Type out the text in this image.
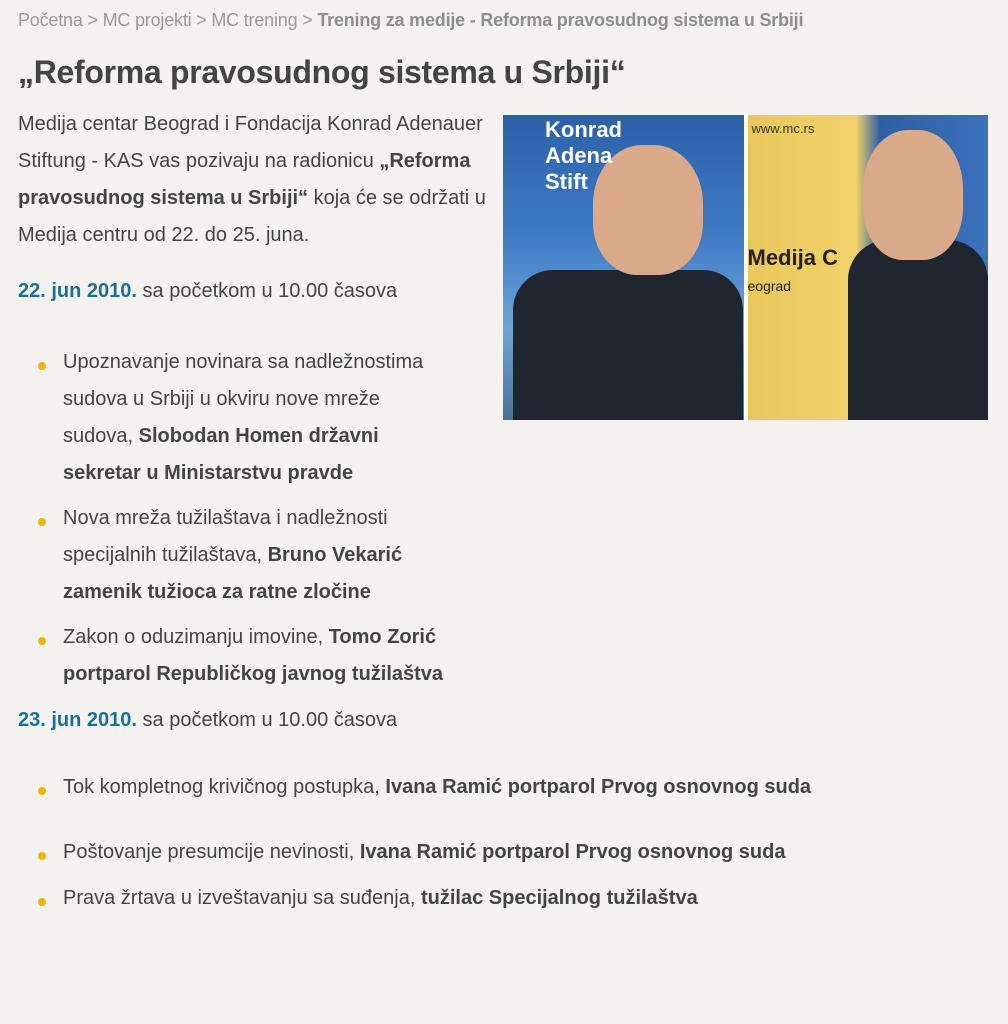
Početna > MC projekti > MC trening > Trening za medije - Reforma pravosudnog sistema u Srbiji
„Reforma pravosudnog sistema u Srbiji“
Konrad
Adena
Stift
www.mc.rs
Medija C
eograd

Medija centar Beograd i Fondacija Konrad Adenauer Stiftung - KAS vas pozivaju na radionicu „Reforma pravosudnog sistema u Srbiji“ koja će se održati u Medija centru od 22. do 25. juna.

22. jun 2010. sa početkom u 10.00 časova

Upoznavanje novinara sa nadležnostima sudova u Srbiji u okviru nove mreže sudova, Slobodan Homen državni sekretar u Ministarstvu pravde
Nova mreža tužilaštava i nadležnosti specijalnih tužilaštava, Bruno Vekarić zamenik tužioca za ratne zločine
Zakon o oduzimanju imovine, Tomo Zorić portparol Republičkog javnog tužilaštva

23. jun 2010. sa početkom u 10.00 časova

Tok kompletnog krivičnog postupka, Ivana Ramić portparol Prvog osnovnog suda
Poštovanje presumcije nevinosti, Ivana Ramić portparol Prvog osnovnog suda
Prava žrtava u izveštavanju sa suđenja, tužilac Specijalnog tužilaštva
